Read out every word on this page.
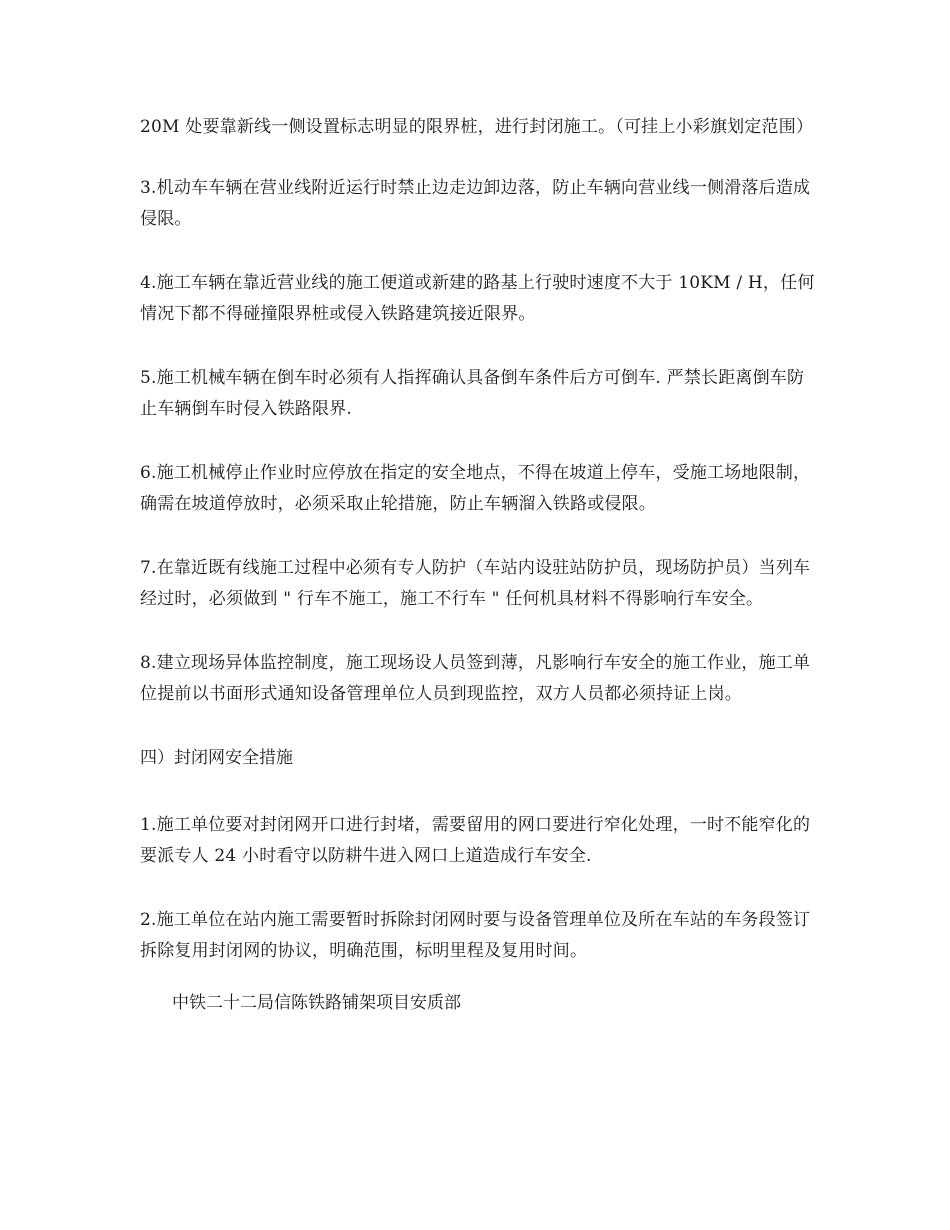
20M 处要靠新线一侧设置标志明显的限界桩，进行封闭施工。（可挂上小彩旗划定范围）

3.机动车车辆在营业线附近运行时禁止边走边卸边落，防止车辆向营业线一侧滑落后造成侵限。

4.施工车辆在靠近营业线的施工便道或新建的路基上行驶时速度不大于 10KM / H，任何情况下都不得碰撞限界桩或侵入铁路建筑接近限界。

5.施工机械车辆在倒车时必须有人指挥确认具备倒车条件后方可倒车. 严禁长距离倒车防止车辆倒车时侵入铁路限界.

6.施工机械停止作业时应停放在指定的安全地点，不得在坡道上停车，受施工场地限制，确需在坡道停放时，必须采取止轮措施，防止车辆溜入铁路或侵限。

7.在靠近既有线施工过程中必须有专人防护（车站内设驻站防护员，现场防护员）当列车经过时，必须做到 " 行车不施工，施工不行车 " 任何机具材料不得影响行车安全。

8.建立现场异体监控制度，施工现场设人员签到薄，凡影响行车安全的施工作业，施工单位提前以书面形式通知设备管理单位人员到现监控，双方人员都必须持证上岗。

四）封闭网安全措施

1.施工单位要对封闭网开口进行封堵，需要留用的网口要进行窄化处理，一时不能窄化的要派专人 24 小时看守以防耕牛进入网口上道造成行车安全.

2.施工单位在站内施工需要暂时拆除封闭网时要与设备管理单位及所在车站的车务段签订拆除复用封闭网的协议，明确范围，标明里程及复用时间。

中铁二十二局信陈铁路铺架项目安质部
